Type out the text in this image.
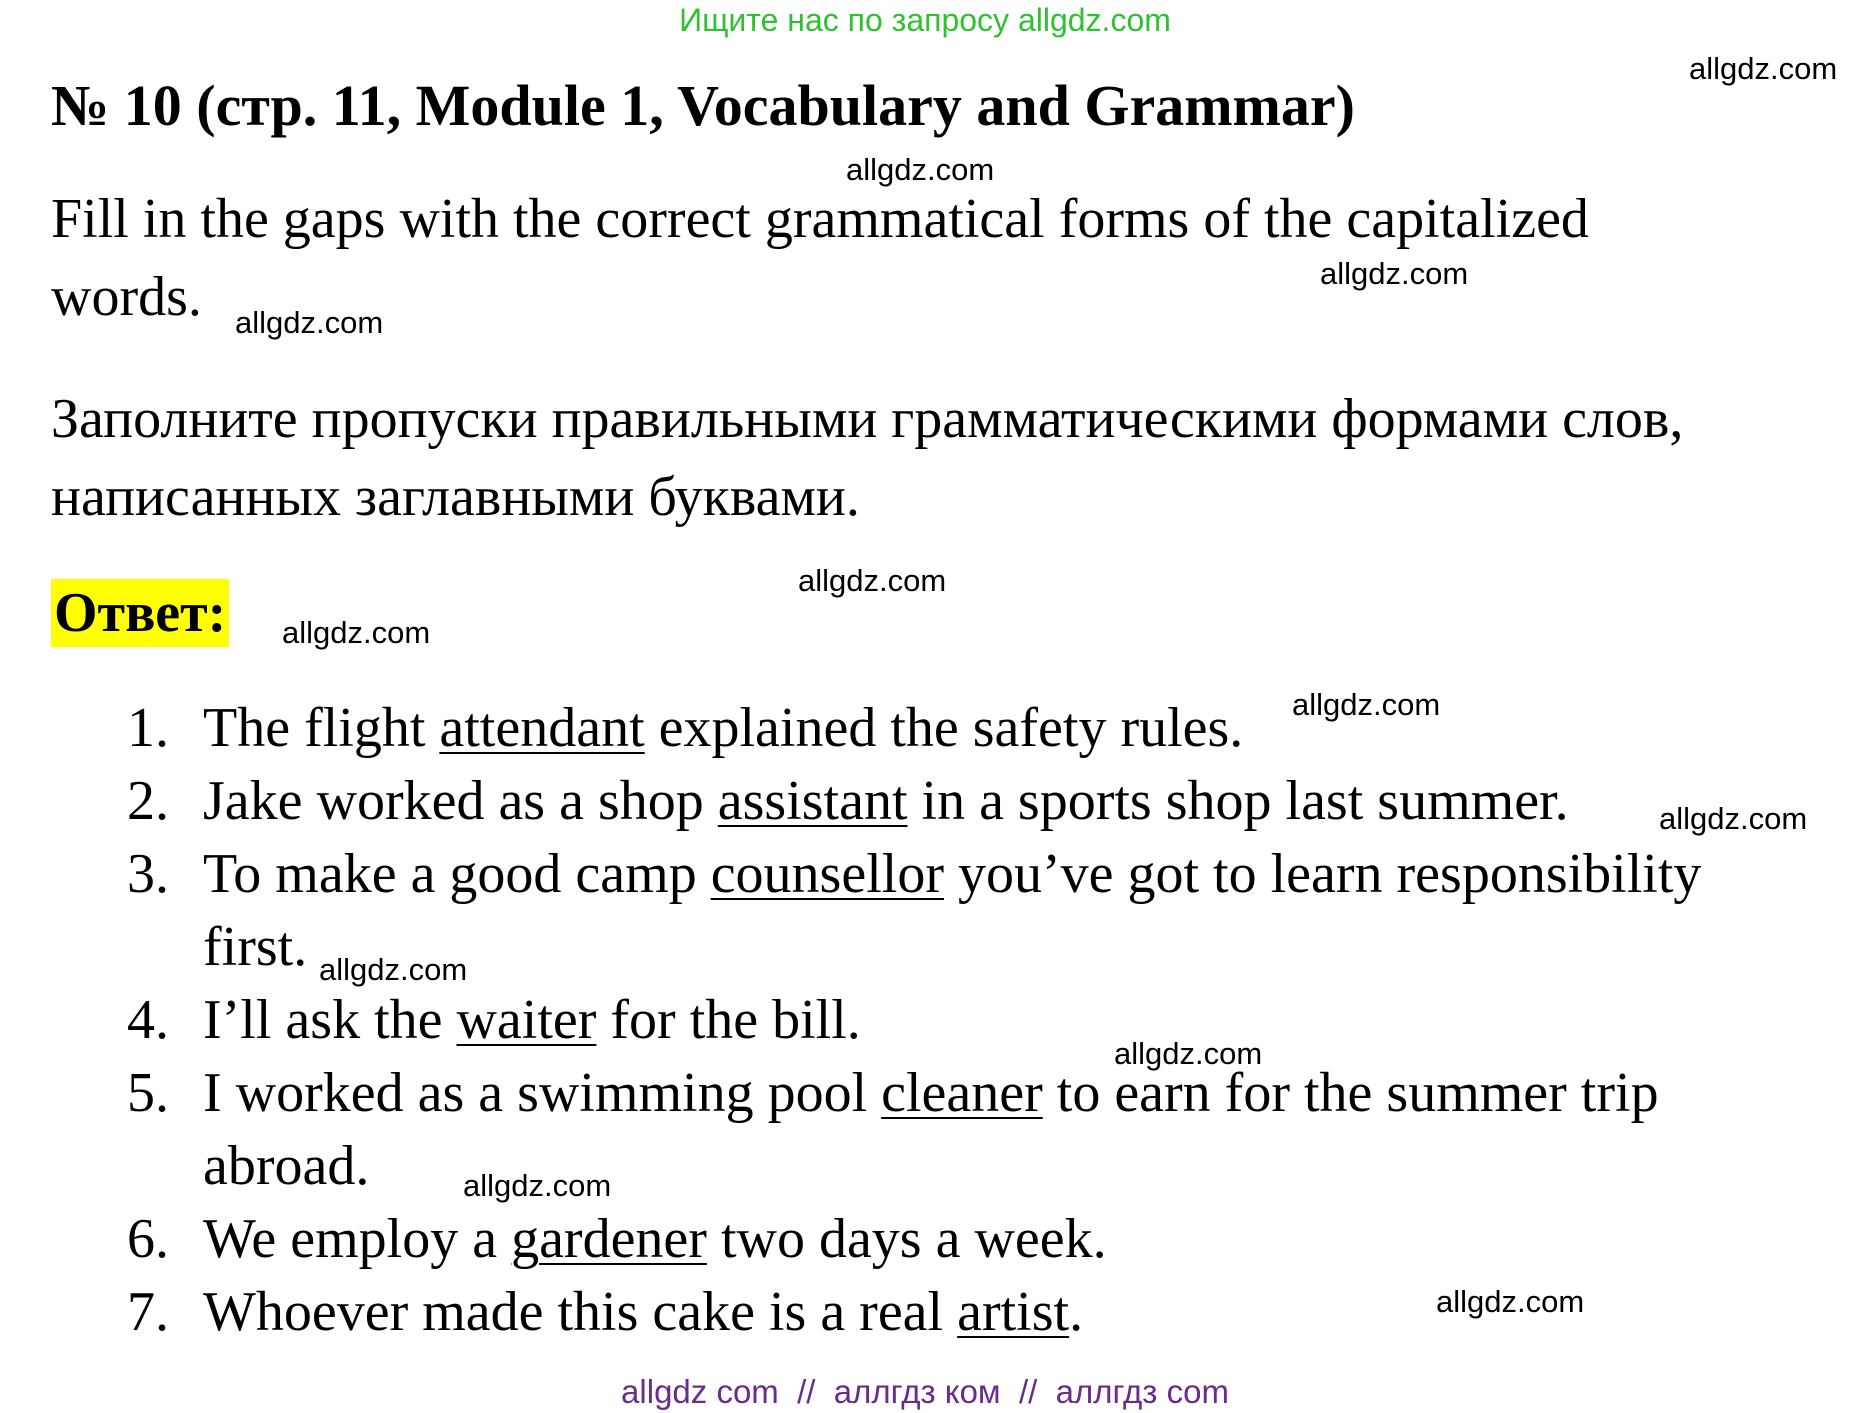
Ищите нас по запросу allgdz.com
№ 10 (стр. 11, Module 1, Vocabulary and Grammar)
Fill in the gaps with the correct grammatical forms of the capitalized words.
Заполните пропуски правильными грамматическими формами слов, написанных заглавными буквами.
Ответ:
1. The flight attendant explained the safety rules.
2. Jake worked as a shop assistant in a sports shop last summer.
3. To make a good camp counsellor you’ve got to learn responsibility first.
4. I’ll ask the waiter for the bill.
5. I worked as a swimming pool cleaner to earn for the summer trip abroad.
6. We employ a gardener two days a week.
7. Whoever made this cake is a real artist.
allgdz.com
allgdz.com
allgdz.com
allgdz.com
allgdz.com
allgdz.com
allgdz.com
allgdz.com
allgdz.com
allgdz.com
allgdz.com
allgdz.com
allgdz com  //  аллгдз ком  //  аллгдз com
